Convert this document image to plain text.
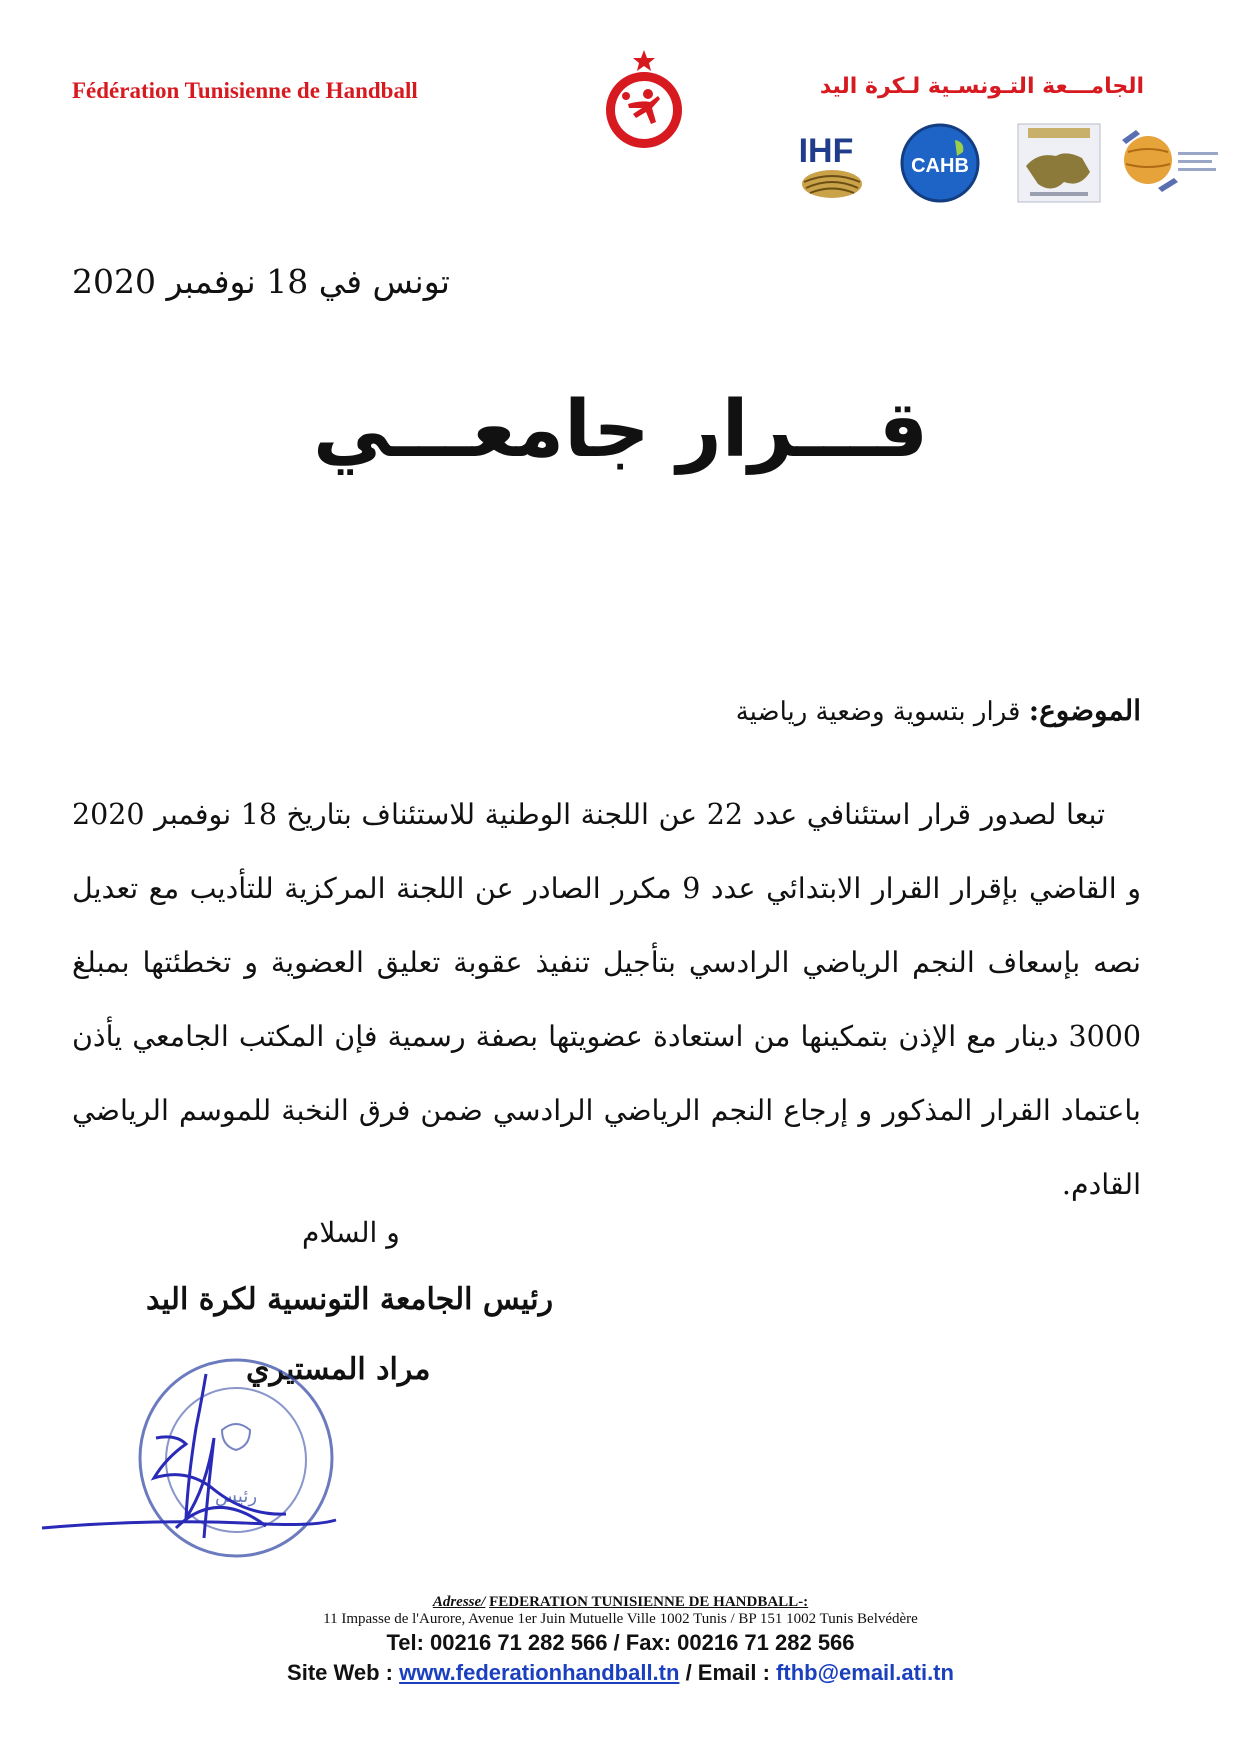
Fédération Tunisienne de Handball	الجامـــعة التـونسـية لـكرة اليد
IHF	CAHB
تونس في 18 نوفمبر 2020
قـــرار جامعـــي
الموضوع: قرار بتسوية وضعية رياضية
تبعا لصدور قرار استئنافي عدد 22 عن اللجنة الوطنية للاستئناف بتاريخ 18 نوفمبر 2020 و القاضي بإقرار القرار الابتدائي عدد 9 مكرر الصادر عن اللجنة المركزية للتأديب مع تعديل نصه بإسعاف النجم الرياضي الرادسي بتأجيل تنفيذ عقوبة تعليق العضوية و تخطئتها بمبلغ 3000 دينار مع الإذن بتمكينها من استعادة عضويتها بصفة رسمية فإن المكتب الجامعي يأذن باعتماد القرار المذكور و إرجاع النجم الرياضي الرادسي ضمن فرق النخبة للموسم الرياضي القادم.
و السلام
رئيس الجامعة التونسية لكرة اليد
مراد المستيري
رئيس
Adresse/ FEDERATION TUNISIENNE DE HANDBALL-:
11 Impasse de l'Aurore, Avenue 1er Juin Mutuelle Ville 1002 Tunis / BP 151 1002 Tunis Belvédère
Tel: 00216 71 282 566 / Fax: 00216 71 282 566
Site Web : www.federationhandball.tn / Email : fthb@email.ati.tn
